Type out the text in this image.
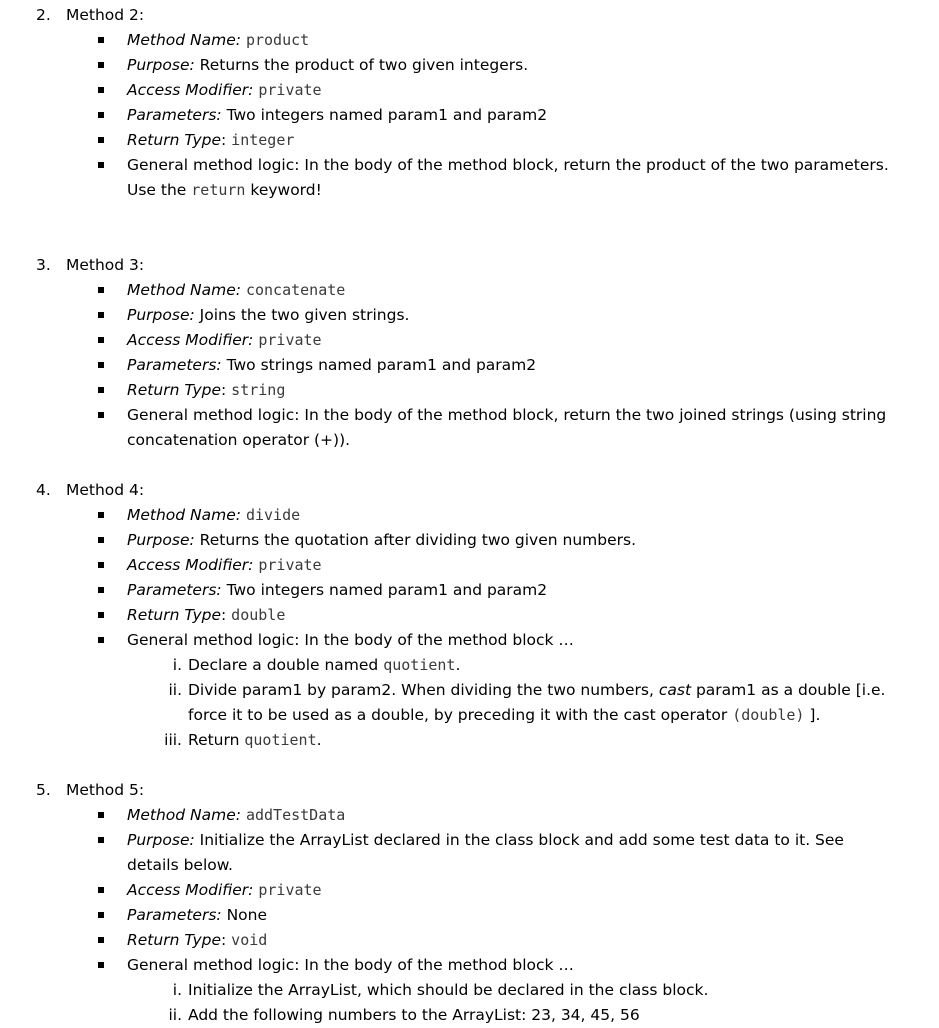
2. Method 2:
Method Name: product
Purpose: Returns the product of two given integers.
Access Modifier: private
Parameters: Two integers named param1 and param2
Return Type: integer
General method logic: In the body of the method block, return the product of the two parameters. Use the return keyword!
3. Method 3:
Method Name: concatenate
Purpose: Joins the two given strings.
Access Modifier: private
Parameters: Two strings named param1 and param2
Return Type: string
General method logic: In the body of the method block, return the two joined strings (using string concatenation operator (+)).
4. Method 4:
Method Name: divide
Purpose: Returns the quotation after dividing two given numbers.
Access Modifier: private
Parameters: Two integers named param1 and param2
Return Type: double
General method logic: In the body of the method block …
i. Declare a double named quotient.
ii. Divide param1 by param2. When dividing the two numbers, cast param1 as a double [i.e. force it to be used as a double, by preceding it with the cast operator (double) ].
iii. Return quotient.
5. Method 5:
Method Name: addTestData
Purpose: Initialize the ArrayList declared in the class block and add some test data to it. See details below.
Access Modifier: private
Parameters: None
Return Type: void
General method logic: In the body of the method block …
i. Initialize the ArrayList, which should be declared in the class block.
ii. Add the following numbers to the ArrayList: 23, 34, 45, 56
